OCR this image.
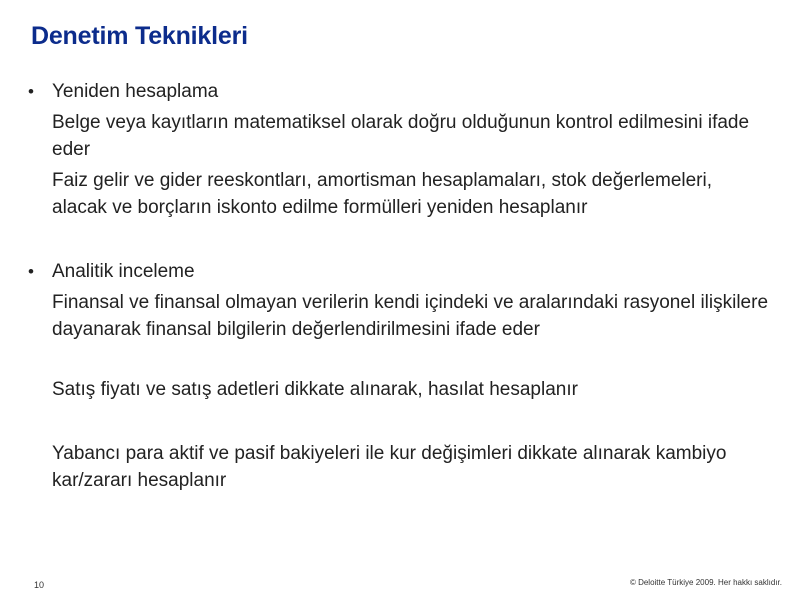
Denetim Teknikleri
• Yeniden hesaplama

Belge veya kayıtların matematiksel olarak doğru olduğunun kontrol edilmesini ifade eder

Faiz gelir ve gider reeskontları, amortisman hesaplamaları, stok değerlemeleri, alacak ve borçların iskonto edilme formülleri yeniden hesaplanır

• Analitik inceleme

Finansal ve finansal olmayan verilerin kendi içindeki ve aralarındaki rasyonel ilişkilere dayanarak finansal bilgilerin değerlendirilmesini ifade eder

Satış fiyatı ve satış adetleri dikkate alınarak, hasılat hesaplanır

Yabancı para aktif ve pasif bakiyeleri ile kur değişimleri dikkate alınarak kambiyo kar/zararı hesaplanır

10	© Deloitte Türkiye 2009. Her hakkı saklıdır.
